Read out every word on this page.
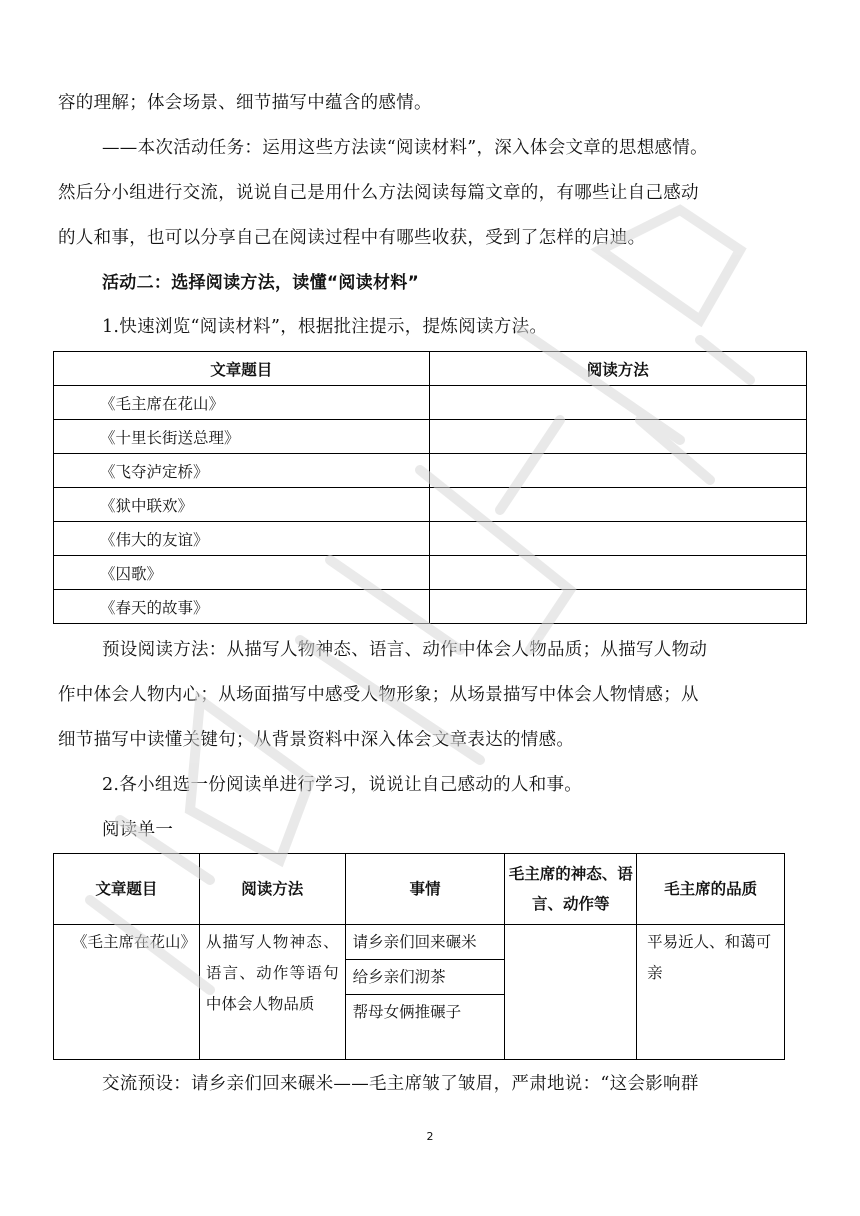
容的理解；体会场景、细节描写中蕴含的感情。
——本次活动任务：运用这些方法读“阅读材料”，深入体会文章的思想感情。
然后分小组进行交流，说说自己是用什么方法阅读每篇文章的，有哪些让自己感动
的人和事，也可以分享自己在阅读过程中有哪些收获，受到了怎样的启迪。
活动二：选择阅读方法，读懂“阅读材料”
1.快速浏览“阅读材料”，根据批注提示，提炼阅读方法。
文章题目	阅读方法
《毛主席在花山》	
《十里长街送总理》	
《飞夺泸定桥》	
《狱中联欢》	
《伟大的友谊》	
《囚歌》	
《春天的故事》	
预设阅读方法：从描写人物神态、语言、动作中体会人物品质；从描写人物动
作中体会人物内心；从场面描写中感受人物形象；从场景描写中体会人物情感；从
细节描写中读懂关键句；从背景资料中深入体会文章表达的情感。
2.各小组选一份阅读单进行学习，说说让自己感动的人和事。
阅读单一
文章题目	阅读方法	事情	毛主席的神态、语言、动作等	毛主席的品质
《毛主席在花山》	从描写人物神态、语言、动作等语句中体会人物品质	请乡亲们回来碾米		平易近人、和蔼可亲
		给乡亲们沏茶		
		帮母女俩推碾子		
交流预设：请乡亲们回来碾米——毛主席皱了皱眉，严肃地说：“这会影响群
2
